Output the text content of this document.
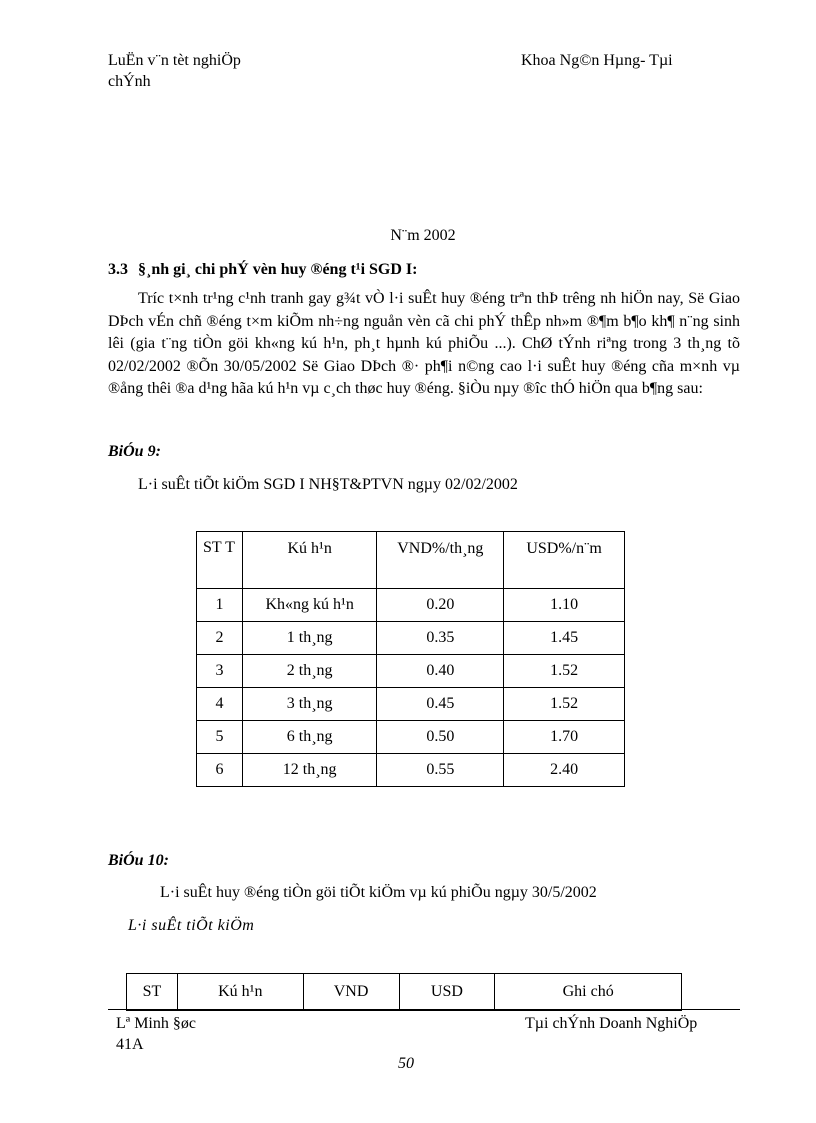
LuËn v¨n tèt nghiÖp
chÝnh
Khoa Ng©n Hµng- Tµi
N¨m 2002
3.3 §¸nh gi¸ chi phÝ vèn huy ®éng t¹i SGD I:
Tríc t×nh tr¹ng c¹nh tranh gay g¾t vÒ l·i suÊt huy ®éng trªn thÞ trêng nh hiÖn nay, Së Giao DÞch vÉn chñ ®éng t×m kiÕm nh÷ng nguån vèn cã chi phÝ thÊp nh»m ®¶m b¶o kh¶ n¨ng sinh lêi (gia t¨ng tiÒn göi kh«ng kú h¹n, ph¸t hµnh kú phiÕu ...). ChØ tÝnh riªng trong 3 th¸ng tõ 02/02/2002 ®Õn 30/05/2002 Së Giao DÞch ®· ph¶i n©ng cao l·i suÊt huy ®éng cña m×nh vµ ®ång thêi ®a d¹ng hãa kú h¹n vµ c¸ch thøc huy ®éng. §iÒu nµy ®îc thÓ hiÖn qua b¶ng sau:
BiÓu 9:
L·i suÊt tiÕt kiÖm SGD I NH§T&PTVN ngµy 02/02/2002
ST T	Kú h¹n	VND%/th¸ng	USD%/n¨m
1	Kh«ng kú h¹n	0.20	1.10
2	1 th¸ng	0.35	1.45
3	2 th¸ng	0.40	1.52
4	3 th¸ng	0.45	1.52
5	6 th¸ng	0.50	1.70
6	12 th¸ng	0.55	2.40
BiÓu 10:
L·i suÊt huy ®éng tiÒn göi tiÕt kiÖm vµ kú phiÕu ngµy 30/5/2002
L·i suÊt tiÕt kiÖm
ST	Kú h¹n	VND	USD	Ghi chó
Lª Minh §øc
41A
Tµi chÝnh Doanh NghiÖp
50
